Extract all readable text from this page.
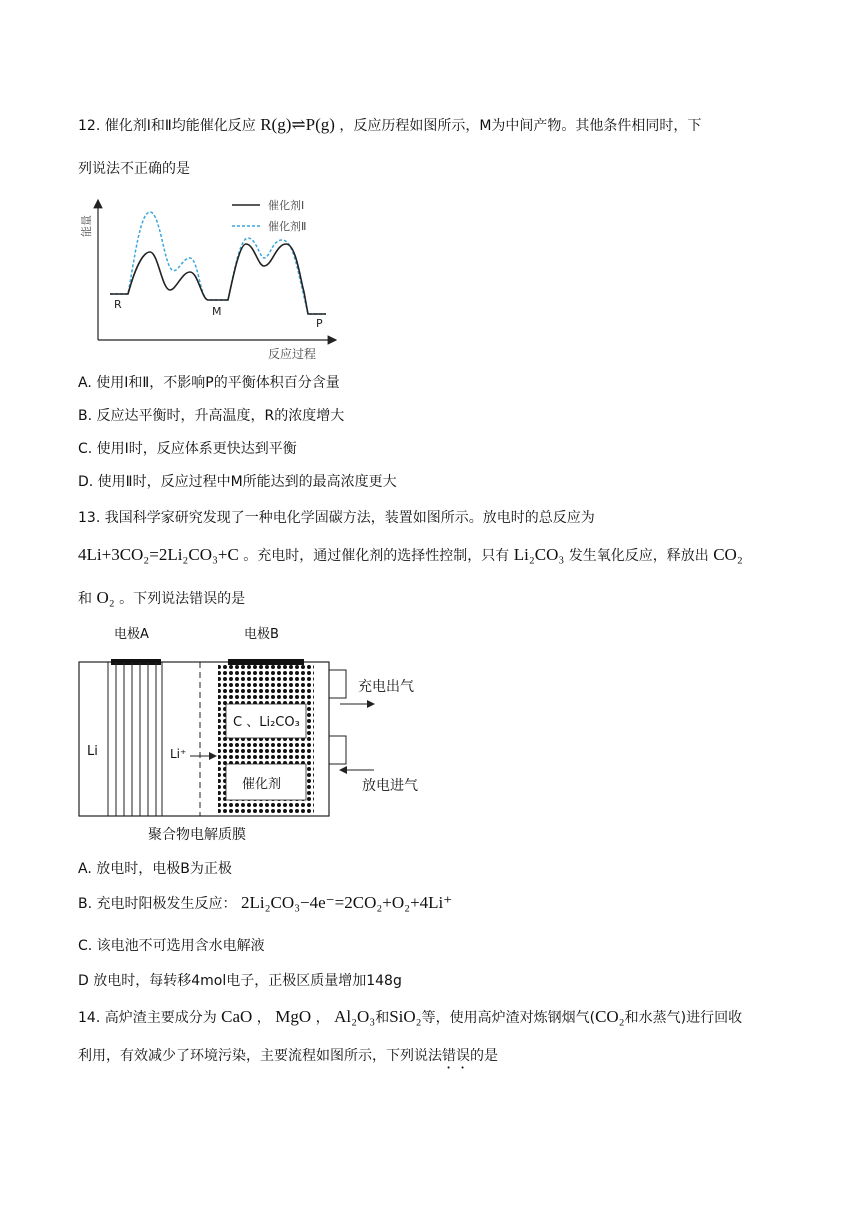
12. 催化剂Ⅰ和Ⅱ均能催化反应 R(g)⇌P(g) ，反应历程如图所示，M为中间产物。其他条件相同时，下
列说法不正确的是
能量
反应过程
催化剂Ⅰ
催化剂Ⅱ
R
M
P
A. 使用Ⅰ和Ⅱ，不影响P的平衡体积百分含量
B. 反应达平衡时，升高温度，R的浓度增大
C. 使用Ⅰ时，反应体系更快达到平衡
D. 使用Ⅱ时，反应过程中M所能达到的最高浓度更大
13. 我国科学家研究发现了一种电化学固碳方法，装置如图所示。放电时的总反应为
4Li+3CO₂=2Li₂CO₃+C 。充电时，通过催化剂的选择性控制，只有 Li₂CO₃ 发生氧化反应，释放出 CO₂
和 O₂ 。下列说法错误的是
电极A	电极B
C 、Li₂CO₃
催化剂
Li	Li⁺
充电出气
放电进气
聚合物电解质膜
A. 放电时，电极B为正极
B. 充电时阳极发生反应： 2Li₂CO₃−4e⁻=2CO₂+O₂+4Li⁺
C. 该电池不可选用含水电解液
D 放电时，每转移4mol电子，正极区质量增加148g
14. 高炉渣主要成分为 CaO ， MgO ， Al₂O₃和SiO₂等，使用高炉渣对炼钢烟气(CO₂和水蒸气)进行回收
利用，有效减少了环境污染，主要流程如图所示，下列说法错误的是
